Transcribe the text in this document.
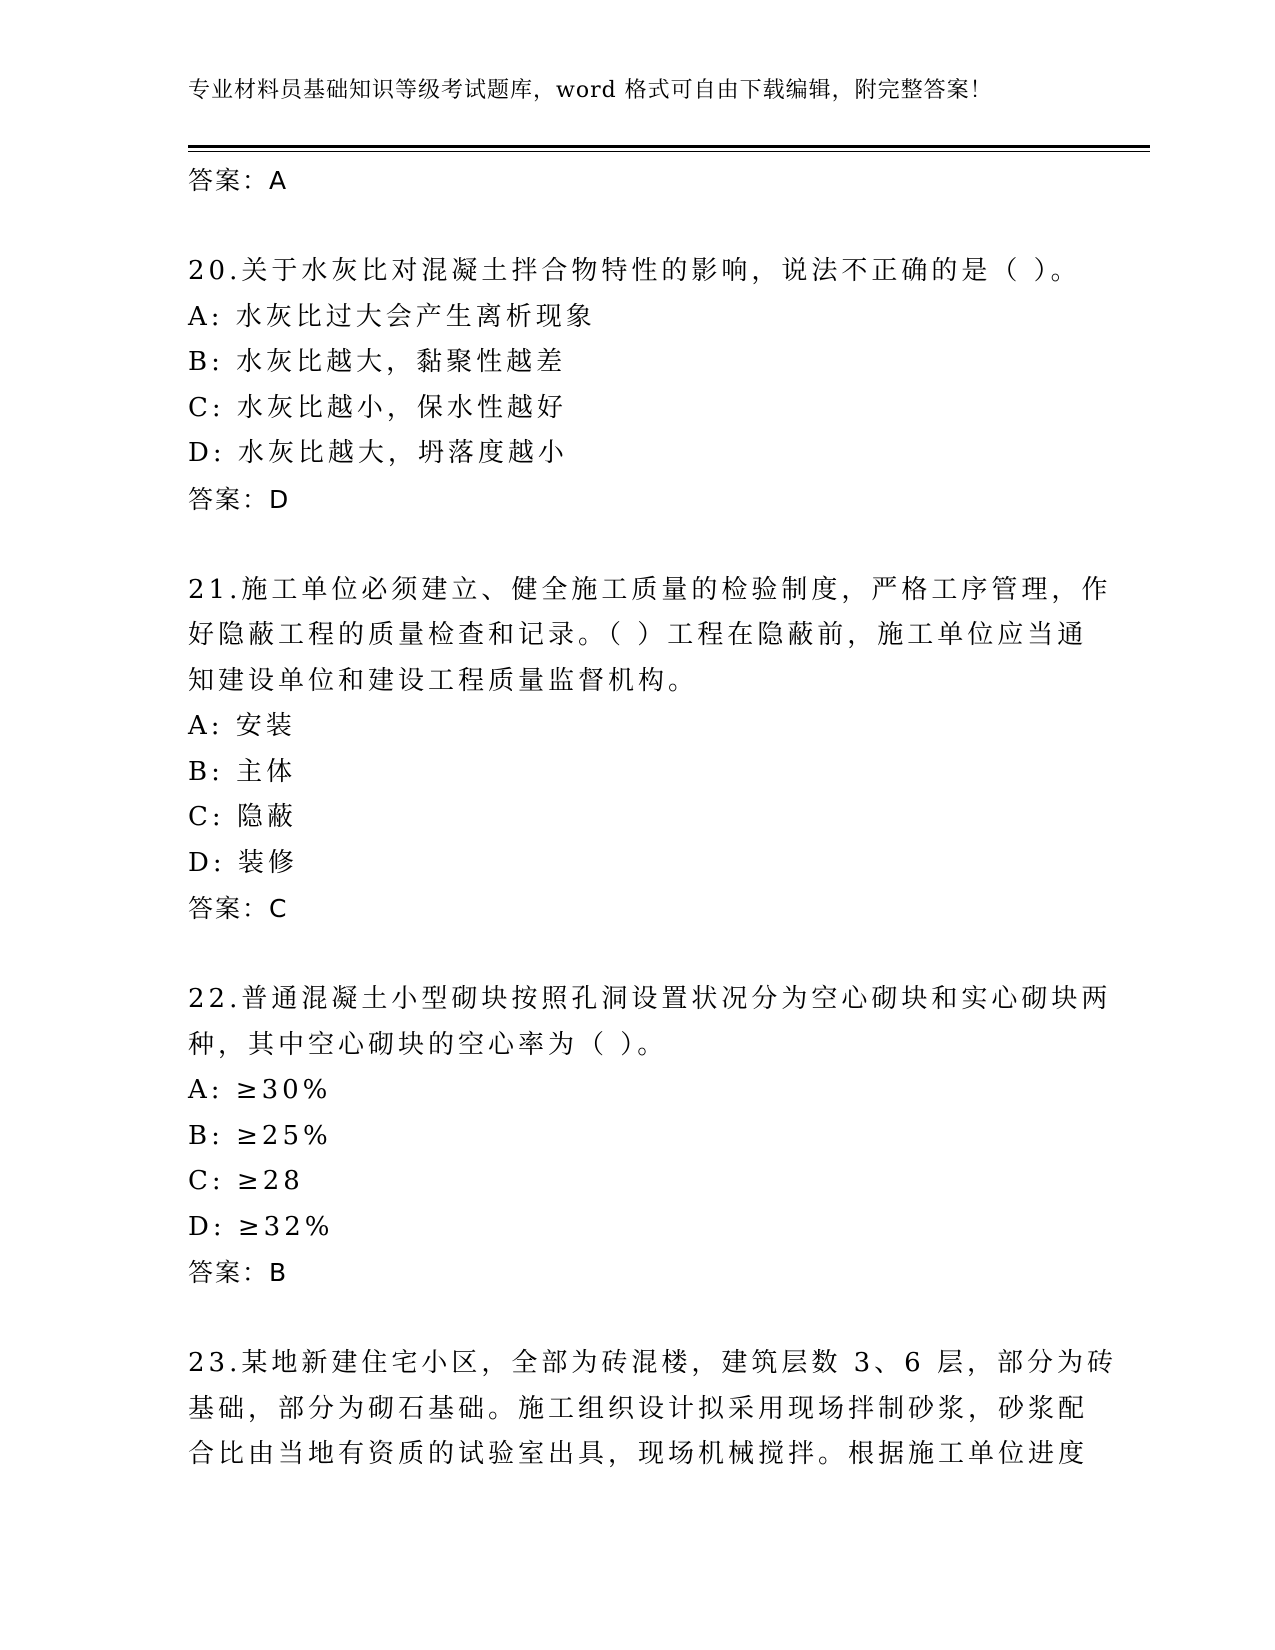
专业材料员基础知识等级考试题库，word 格式可自由下载编辑，附完整答案！
答案：A
20.关于水灰比对混凝土拌合物特性的影响，说法不正确的是（ ）。
A: 水灰比过大会产生离析现象
B: 水灰比越大，黏聚性越差
C: 水灰比越小，保水性越好
D: 水灰比越大，坍落度越小
答案：D
21.施工单位必须建立、健全施工质量的检验制度，严格工序管理，作
好隐蔽工程的质量检查和记录。（ ）工程在隐蔽前，施工单位应当通
知建设单位和建设工程质量监督机构。
A: 安装
B: 主体
C: 隐蔽
D: 装修
答案：C
22.普通混凝土小型砌块按照孔洞设置状况分为空心砌块和实心砌块两
种，其中空心砌块的空心率为（ ）。
A: ≥30%
B: ≥25%
C: ≥28
D: ≥32%
答案：B
23.某地新建住宅小区，全部为砖混楼，建筑层数 3、6 层，部分为砖
基础，部分为砌石基础。施工组织设计拟采用现场拌制砂浆，砂浆配
合比由当地有资质的试验室出具，现场机械搅拌。根据施工单位进度
